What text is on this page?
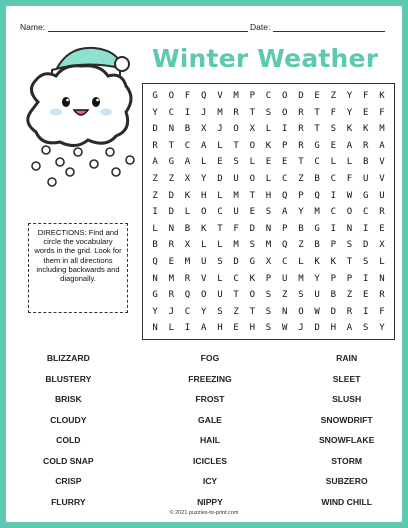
Name:	Date:
Winter Weather
G	O	F	Q	V	M	P	C	O	D	E	Z	Y	F	K
Y	C	I	J	M	R	T	S	O	R	T	F	Y	E	F
D	N	B	X	J	O	X	L	I	R	T	S	K	K	M
R	T	C	A	L	T	O	K	P	R	G	E	A	R	A
A	G	A	L	E	S	L	E	E	T	C	L	L	B	V
Z	Z	X	Y	D	U	O	L	C	Z	B	C	F	U	V
Z	D	K	H	L	M	T	H	Q	P	Q	I	W	G	U
I	D	L	O	C	U	E	S	A	Y	M	C	O	C	R
L	N	B	K	T	F	D	N	P	B	G	I	N	I	E
B	R	X	L	L	M	S	M	Q	Z	B	P	S	D	X
Q	E	M	U	S	D	G	X	C	L	K	K	T	S	L
N	M	R	V	L	C	K	P	U	M	Y	P	P	I	N
G	R	Q	O	U	T	O	S	Z	S	U	B	Z	E	R
Y	J	C	Y	S	Z	T	S	N	O	W	D	R	I	F
N	L	I	A	H	E	H	S	W	J	D	H	A	S	Y
DIRECTIONS: Find and circle the vocabulary words in the grid. Look for them in all directions including backwards and diagonally.
BLIZZARD	FOG	RAIN
BLUSTERY	FREEZING	SLEET
BRISK	FROST	SLUSH
CLOUDY	GALE	SNOWDRIFT
COLD	HAIL	SNOWFLAKE
COLD SNAP	ICICLES	STORM
CRISP	ICY	SUBZERO
FLURRY	NIPPY	WIND CHILL
© 2021 puzzles-to-print.com
